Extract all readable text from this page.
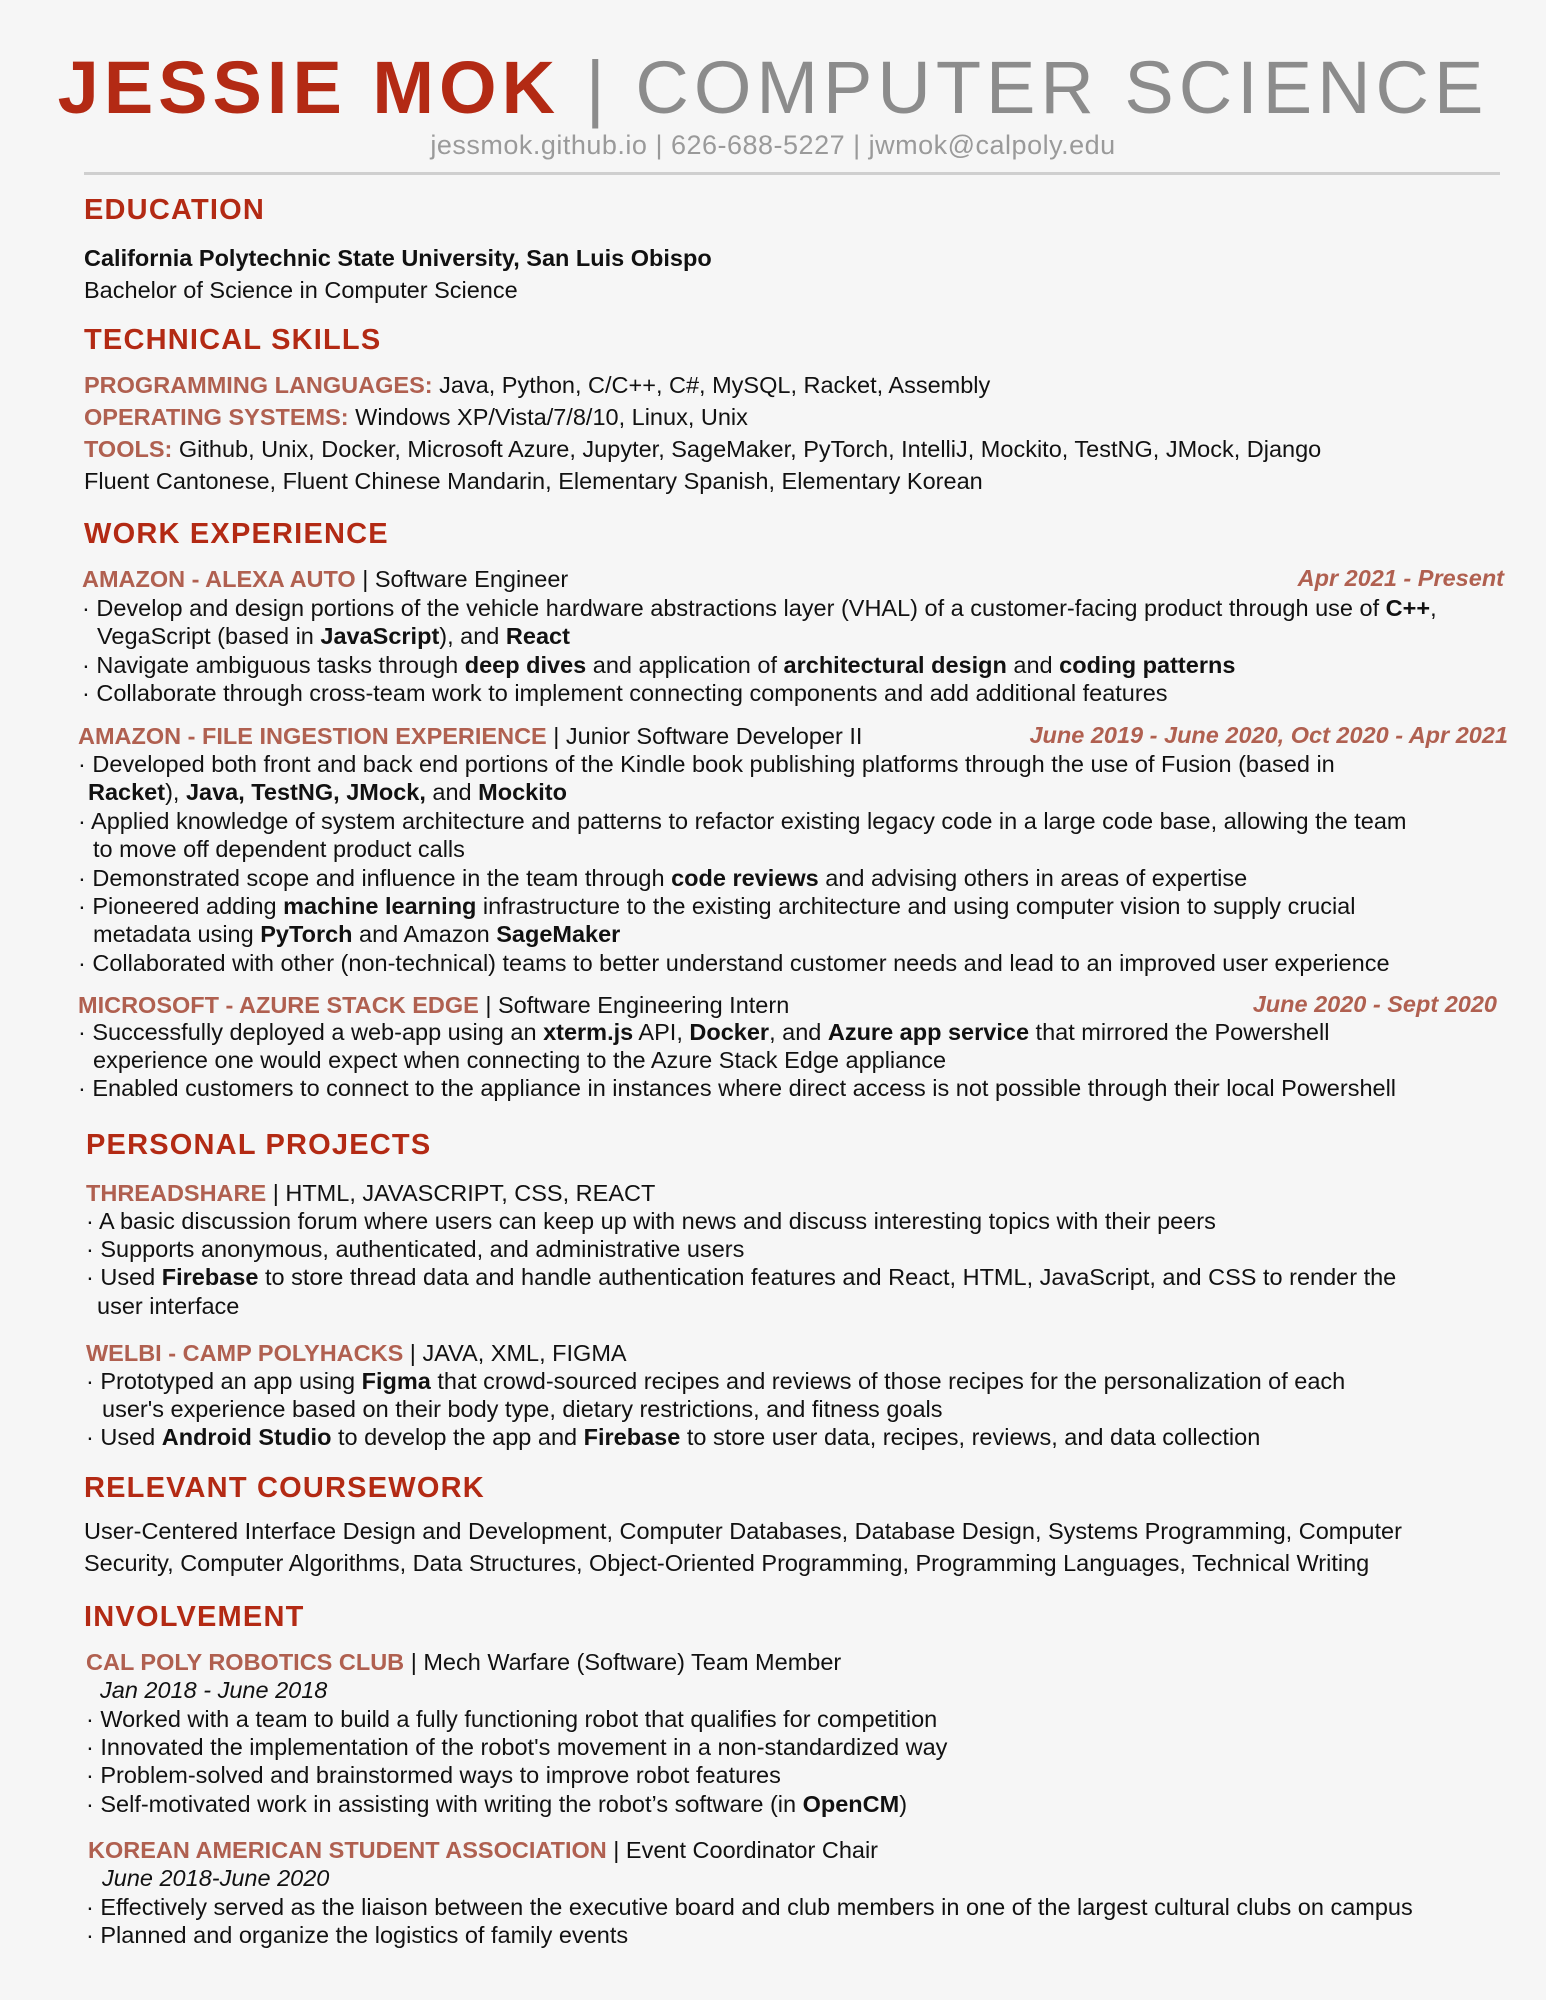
JESSIE MOK | COMPUTER SCIENCE
jessmok.github.io | 626-688-5227 | jwmok@calpoly.edu
EDUCATION
California Polytechnic State University, San Luis Obispo
Bachelor of Science in Computer Science
TECHNICAL SKILLS
PROGRAMMING LANGUAGES: Java, Python, C/C++, C#, MySQL, Racket, Assembly
OPERATING SYSTEMS: Windows XP/Vista/7/8/10, Linux, Unix
TOOLS: Github, Unix, Docker, Microsoft Azure, Jupyter, SageMaker, PyTorch, IntelliJ, Mockito, TestNG, JMock, Django
Fluent Cantonese, Fluent Chinese Mandarin, Elementary Spanish, Elementary Korean
WORK EXPERIENCE
AMAZON - ALEXA AUTO | Software Engineer	Apr 2021 - Present
· Develop and design portions of the vehicle hardware abstractions layer (VHAL) of a customer-facing product through use of C++,
VegaScript (based in JavaScript), and React
· Navigate ambiguous tasks through deep dives and application of architectural design and coding patterns
· Collaborate through cross-team work to implement connecting components and add additional features
AMAZON - FILE INGESTION EXPERIENCE | Junior Software Developer II	June 2019 - June 2020, Oct 2020 - Apr 2021
· Developed both front and back end portions of the Kindle book publishing platforms through the use of Fusion (based in
Racket), Java, TestNG, JMock, and Mockito
· Applied knowledge of system architecture and patterns to refactor existing legacy code in a large code base, allowing the team
to move off dependent product calls
· Demonstrated scope and influence in the team through code reviews and advising others in areas of expertise
· Pioneered adding machine learning infrastructure to the existing architecture and using computer vision to supply crucial
metadata using PyTorch and Amazon SageMaker
· Collaborated with other (non-technical) teams to better understand customer needs and lead to an improved user experience
MICROSOFT - AZURE STACK EDGE | Software Engineering Intern	June 2020 - Sept 2020
· Successfully deployed a web-app using an xterm.js API, Docker, and Azure app service that mirrored the Powershell
experience one would expect when connecting to the Azure Stack Edge appliance
· Enabled customers to connect to the appliance in instances where direct access is not possible through their local Powershell
PERSONAL PROJECTS
THREADSHARE | HTML, JAVASCRIPT, CSS, REACT
· A basic discussion forum where users can keep up with news and discuss interesting topics with their peers
· Supports anonymous, authenticated, and administrative users
· Used Firebase to store thread data and handle authentication features and React, HTML, JavaScript, and CSS to render the
user interface
WELBI - CAMP POLYHACKS | JAVA, XML, FIGMA
· Prototyped an app using Figma that crowd-sourced recipes and reviews of those recipes for the personalization of each
user's experience based on their body type, dietary restrictions, and fitness goals
· Used Android Studio to develop the app and Firebase to store user data, recipes, reviews, and data collection
RELEVANT COURSEWORK
User-Centered Interface Design and Development, Computer Databases, Database Design, Systems Programming, Computer
Security, Computer Algorithms, Data Structures, Object-Oriented Programming, Programming Languages, Technical Writing
INVOLVEMENT
CAL POLY ROBOTICS CLUB | Mech Warfare (Software) Team Member
Jan 2018 - June 2018
· Worked with a team to build a fully functioning robot that qualifies for competition
· Innovated the implementation of the robot's movement in a non-standardized way
· Problem-solved and brainstormed ways to improve robot features
· Self-motivated work in assisting with writing the robot’s software (in OpenCM)
KOREAN AMERICAN STUDENT ASSOCIATION | Event Coordinator Chair
June 2018-June 2020
· Effectively served as the liaison between the executive board and club members in one of the largest cultural clubs on campus
· Planned and organize the logistics of family events
